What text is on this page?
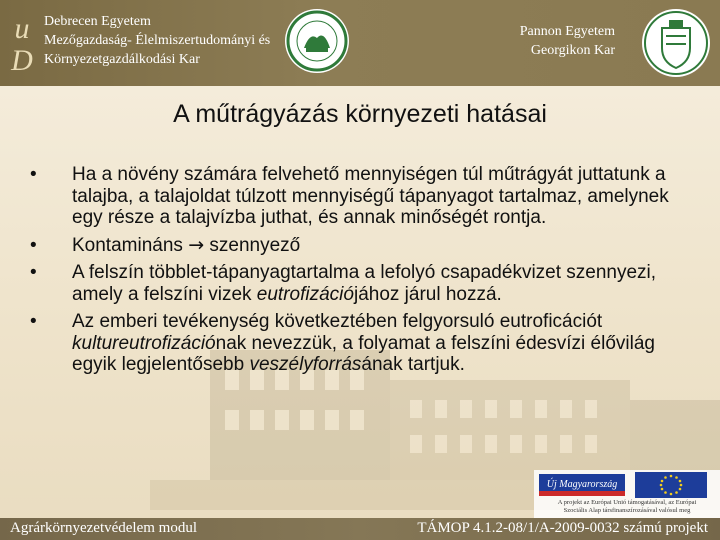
u
D
Debrecen Egyetem
Mezőgazdaság- Élelmiszertudományi és
Környezetgazdálkodási Kar
Pannon Egyetem
Georgikon Kar
A műtrágyázás környezeti hatásai
• Ha a növény számára felvehető mennyiségen túl műtrágyát juttatunk a talajba, a talajoldat túlzott mennyiségű tápanyagot tartalmaz, amelynek egy része a talajvízba juthat, és annak minőségét rontja.
• Kontamináns → szennyező
• A felszín többlet-tápanyagtartalma a lefolyó csapadékvizet szennyezi, amely a felszíni vizek eutrofizációjához járul hozzá.
• Az emberi tevékenység következtében felgyorsuló eutroficációt kultureutrofizációnak nevezzük, a folyamat a felszíni édesvízi élővilág egyik legjelentősebb veszélyforrásának tartjuk.
Új Magyarország
A projekt az Európai Unió támogatásával, az Európai
Szociális Alap társfinanszírozásával valósul meg
Agrárkörnyezetvédelem modul	TÁMOP 4.1.2-08/1/A-2009-0032 számú projekt
